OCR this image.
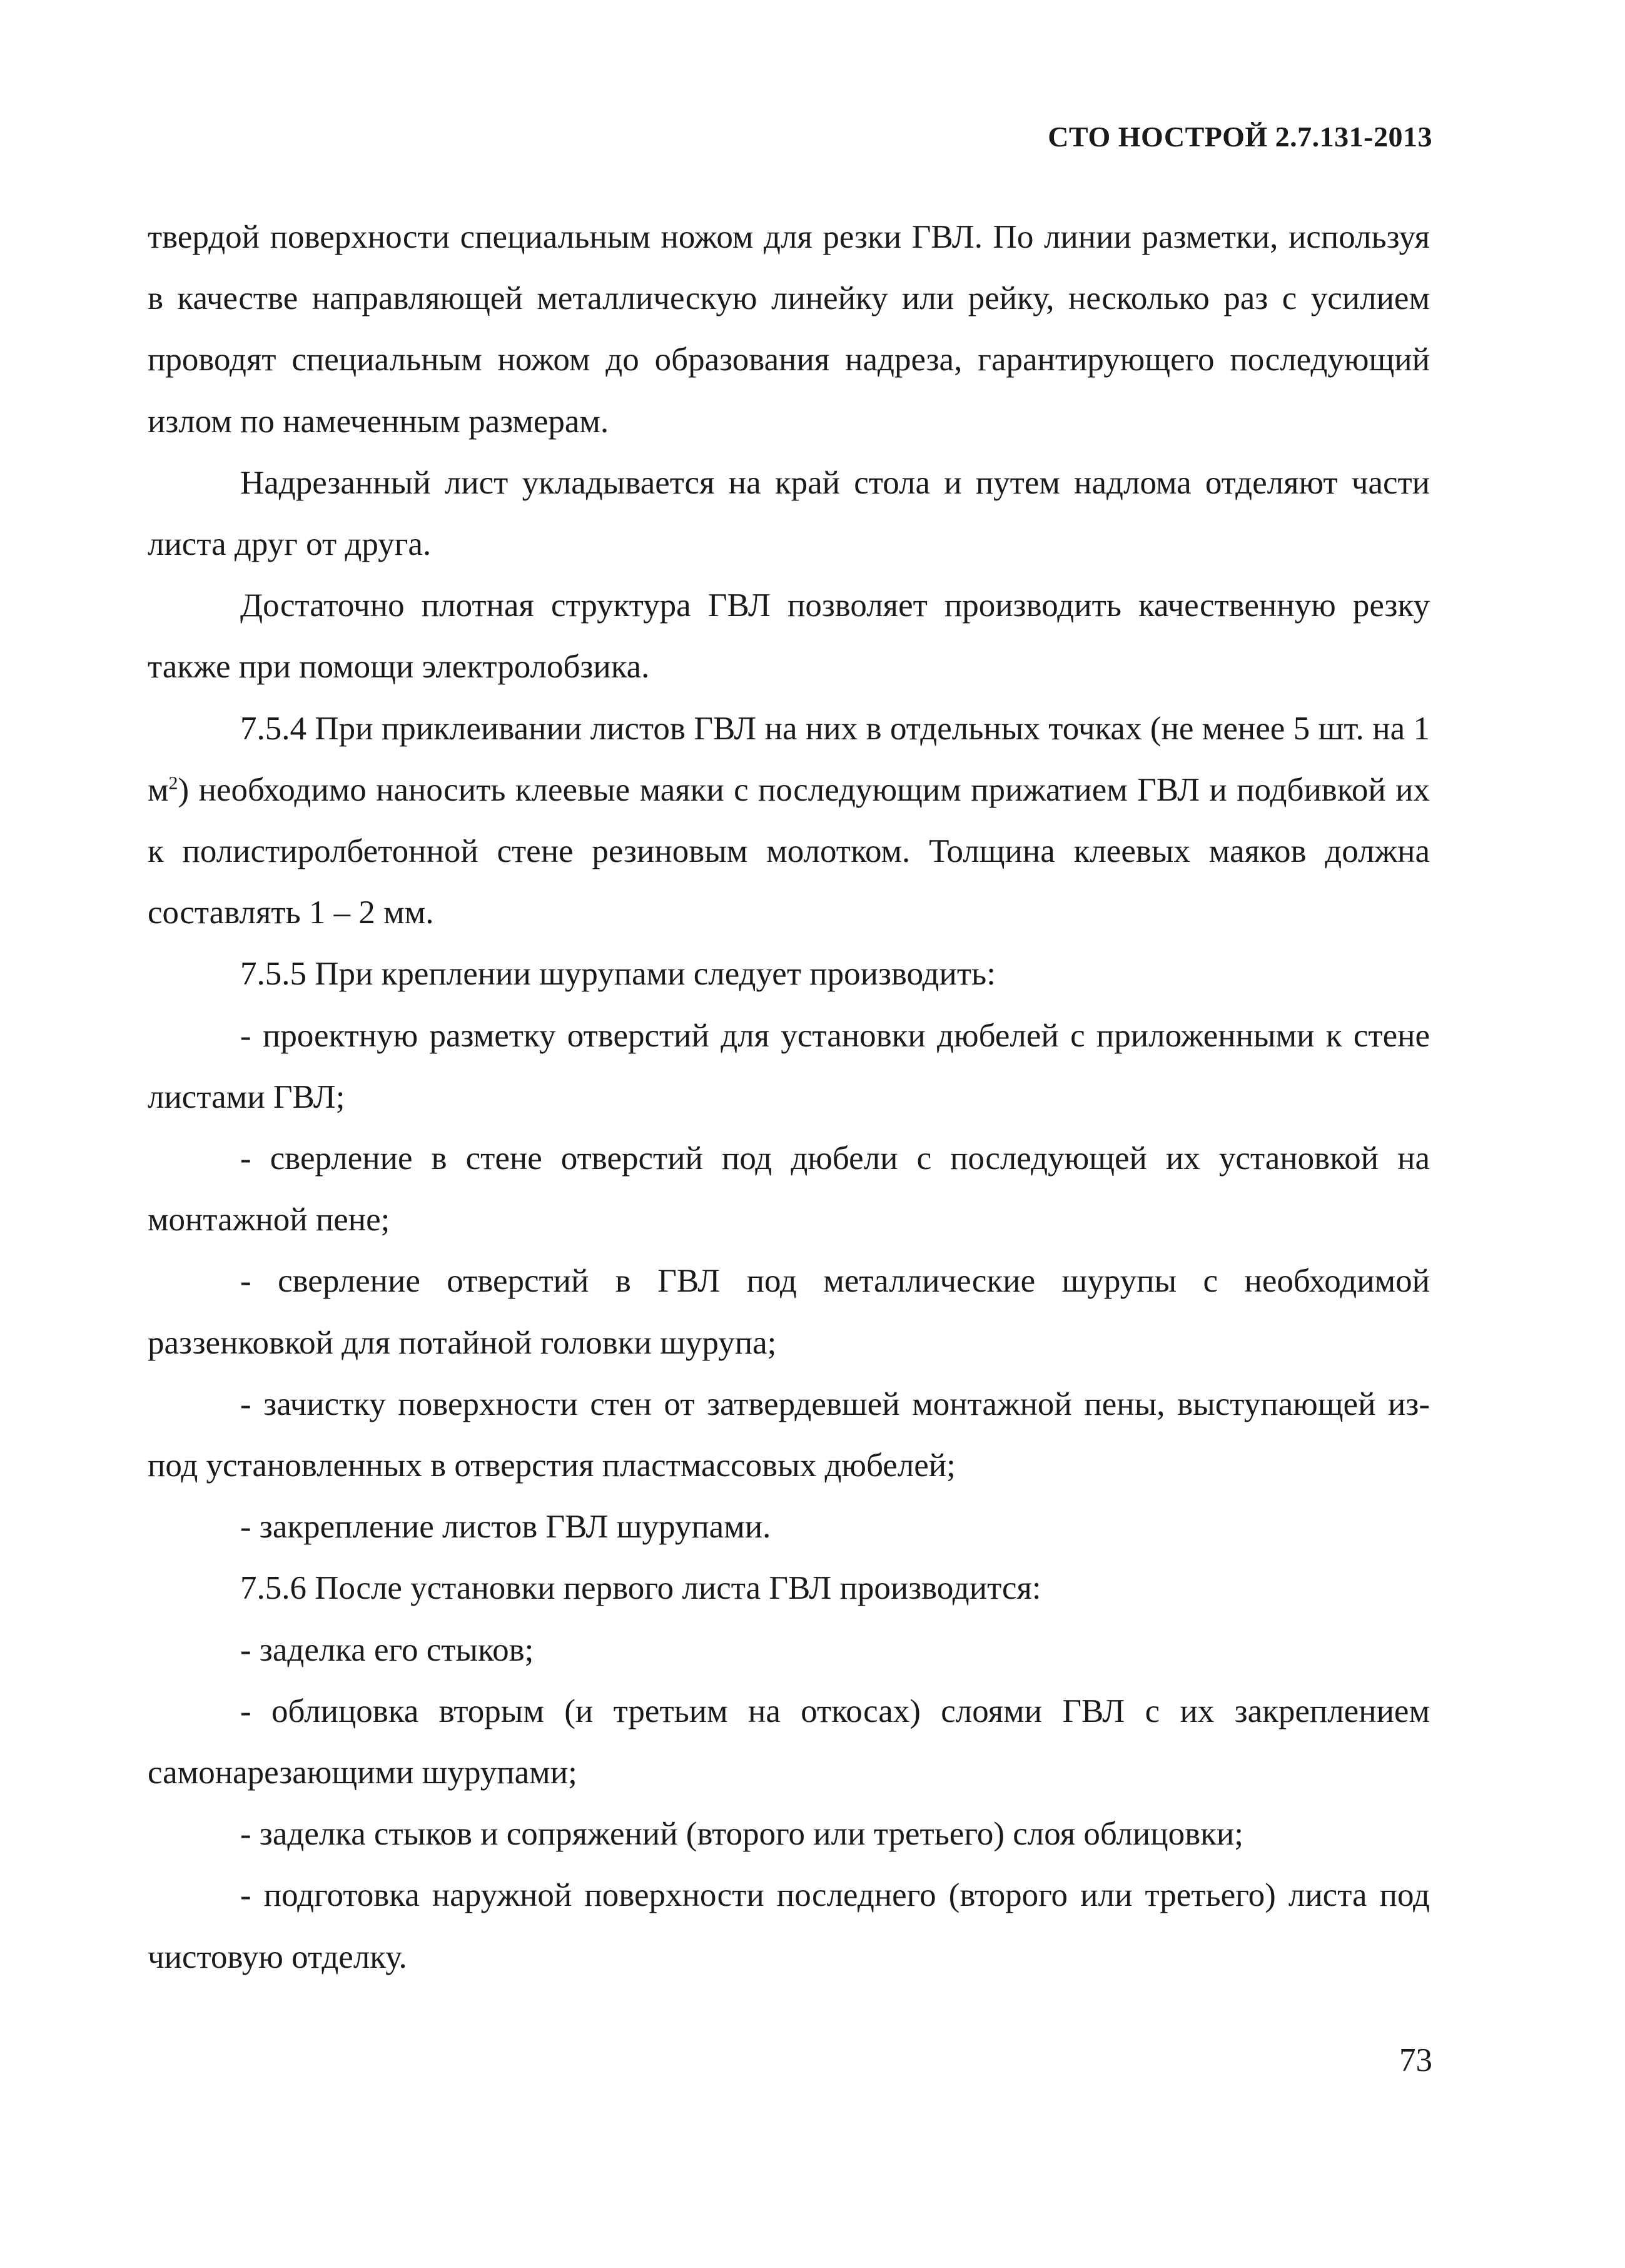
СТО НОСТРОЙ 2.7.131-2013

твердой поверхности специальным ножом для резки ГВЛ. По линии разметки, используя в качестве направляющей металлическую линейку или рейку, несколько раз с усилием проводят специальным ножом до образования надреза, гарантирующего последующий излом по намеченным размерам.

Надрезанный лист укладывается на край стола и путем надлома отделяют части листа друг от друга.

Достаточно плотная структура ГВЛ позволяет производить качественную резку также при помощи электролобзика.

7.5.4 При приклеивании листов ГВЛ на них в отдельных точках (не менее 5 шт. на 1 $м^2$) необходимо наносить клеевые маяки с последующим прижатием ГВЛ и подбивкой их к полистиролбетонной стене резиновым молотком. Толщина клеевых маяков должна составлять 1 – 2 мм.

7.5.5 При креплении шурупами следует производить:

- проектную разметку отверстий для установки дюбелей с приложенными к стене листами ГВЛ;

- сверление в стене отверстий под дюбели с последующей их установкой на монтажной пене;

- сверление отверстий в ГВЛ под металлические шурупы с необходимой раззенковкой для потайной головки шурупа;

- зачистку поверхности стен от затвердевшей монтажной пены, выступающей из-под установленных в отверстия пластмассовых дюбелей;

- закрепление листов ГВЛ шурупами.

7.5.6 После установки первого листа ГВЛ производится:

- заделка его стыков;

- облицовка вторым (и третьим на откосах) слоями ГВЛ с их закреплением самонарезающими шурупами;

- заделка стыков и сопряжений (второго или третьего) слоя облицовки;

- подготовка наружной поверхности последнего (второго или третьего) листа под чистовую отделку.

73
